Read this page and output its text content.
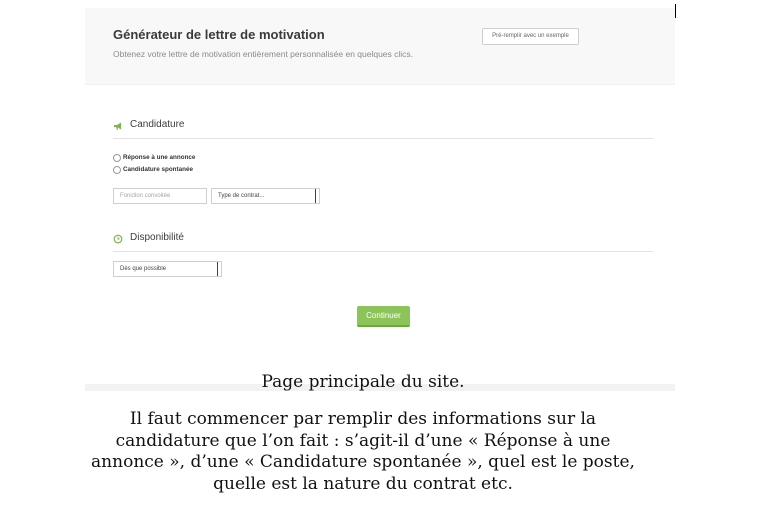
Générateur de lettre de motivation

Obtenez votre lettre de motivation entièrement personnalisée en quelques clics.

Pré-remplir avec un exemple
Candidature
Réponse à une annonce
Candidature spontanée
Fonction convoitée	Type de contrat...
Disponibilité
Dès que possible
Continuer

Page principale du site.

Il faut commencer par remplir des informations sur la candidature que l’on fait : s’agit-il d’une « Réponse à une annonce », d’une « Candidature spontanée », quel est le poste, quelle est la nature du contrat etc.
